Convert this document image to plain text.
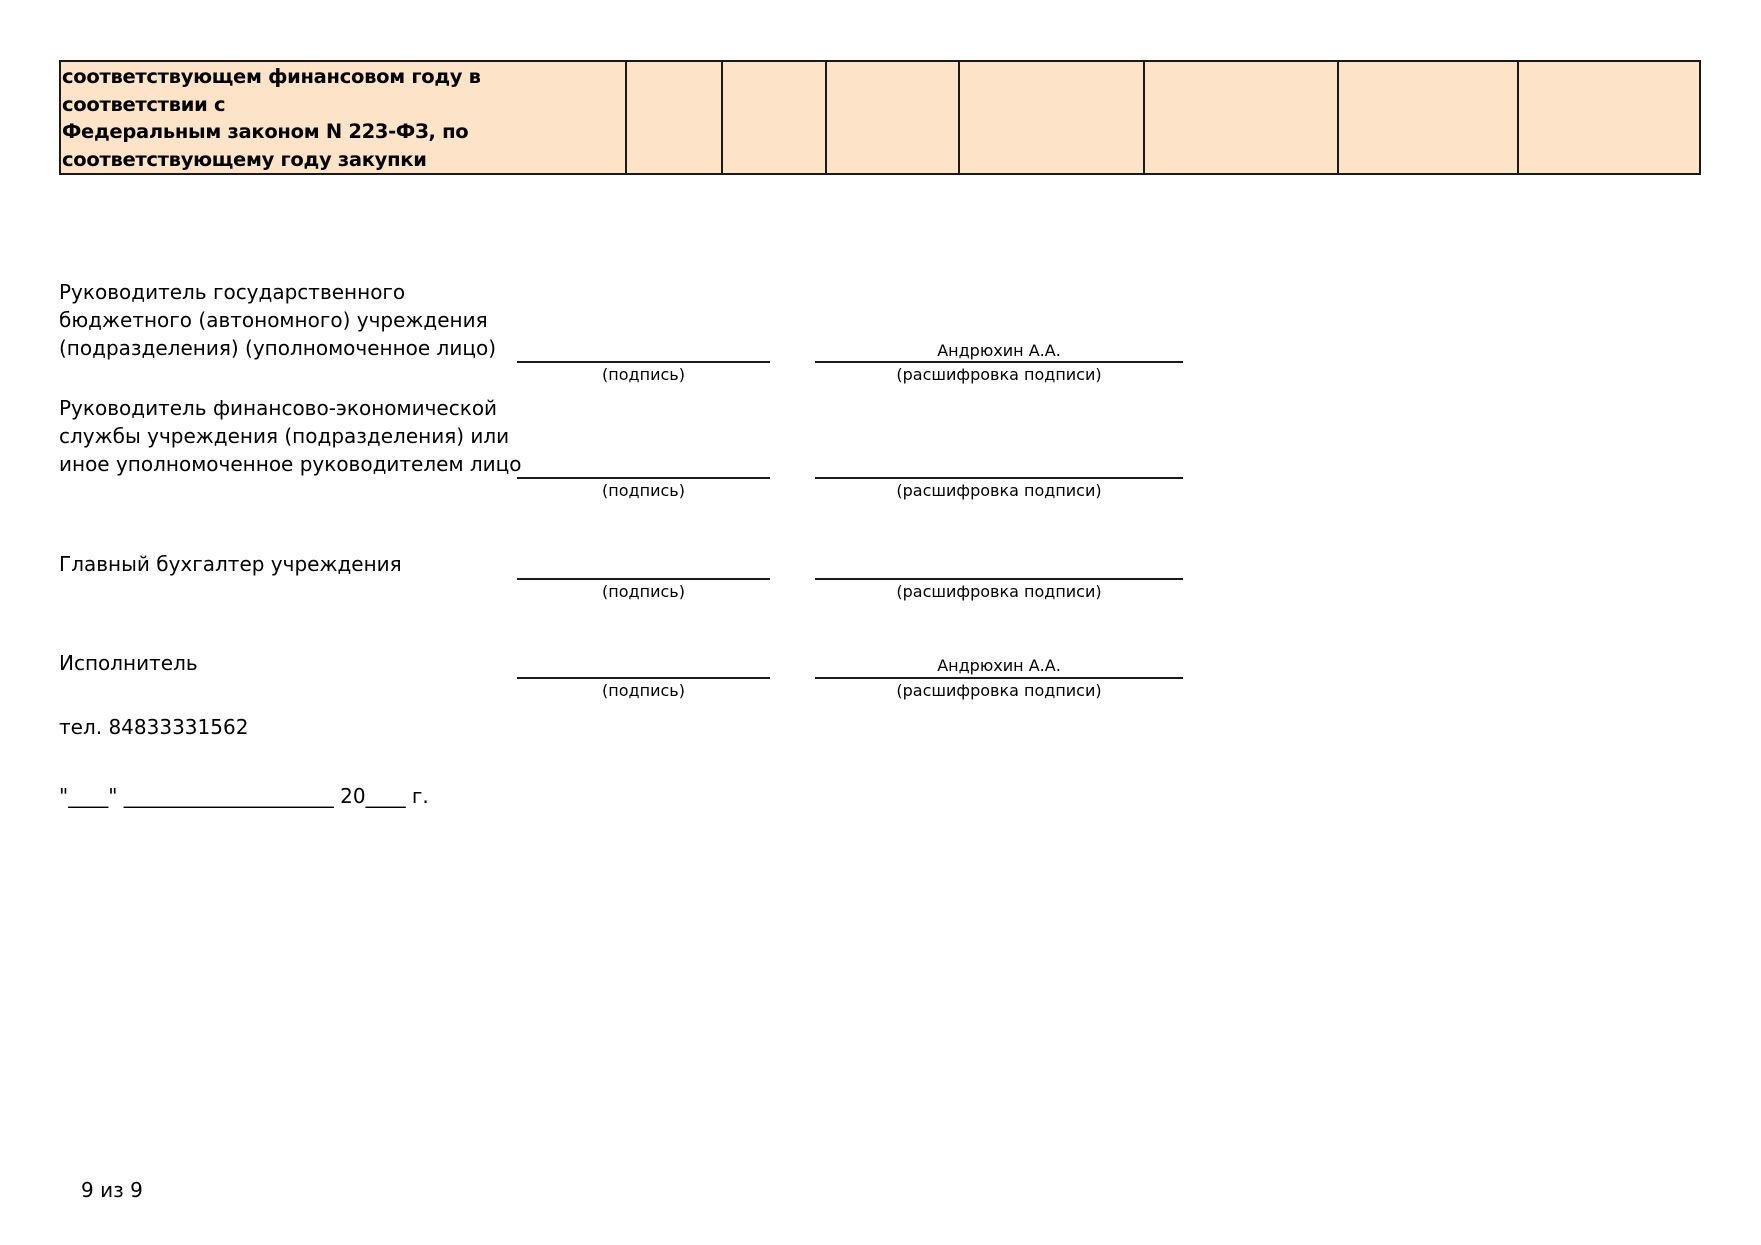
соответствующем финансовом году в соответствии с
Федеральным законом N 223-ФЗ, по
соответствующему году закупки

Руководитель государственного
бюджетного (автономного) учреждения
(подразделения) (уполномоченное лицо)	Андрюхин А.А.
(подпись)	(расшифровка подписи)
Руководитель финансово-экономической
службы учреждения (подразделения) или
иное уполномоченное руководителем лицо
(подпись)	(расшифровка подписи)
Главный бухгалтер учреждения
(подпись)	(расшифровка подписи)
Исполнитель	Андрюхин А.А.
(подпись)	(расшифровка подписи)
тел. 84833331562
"____" _____________________ 20____ г.
9 из 9
